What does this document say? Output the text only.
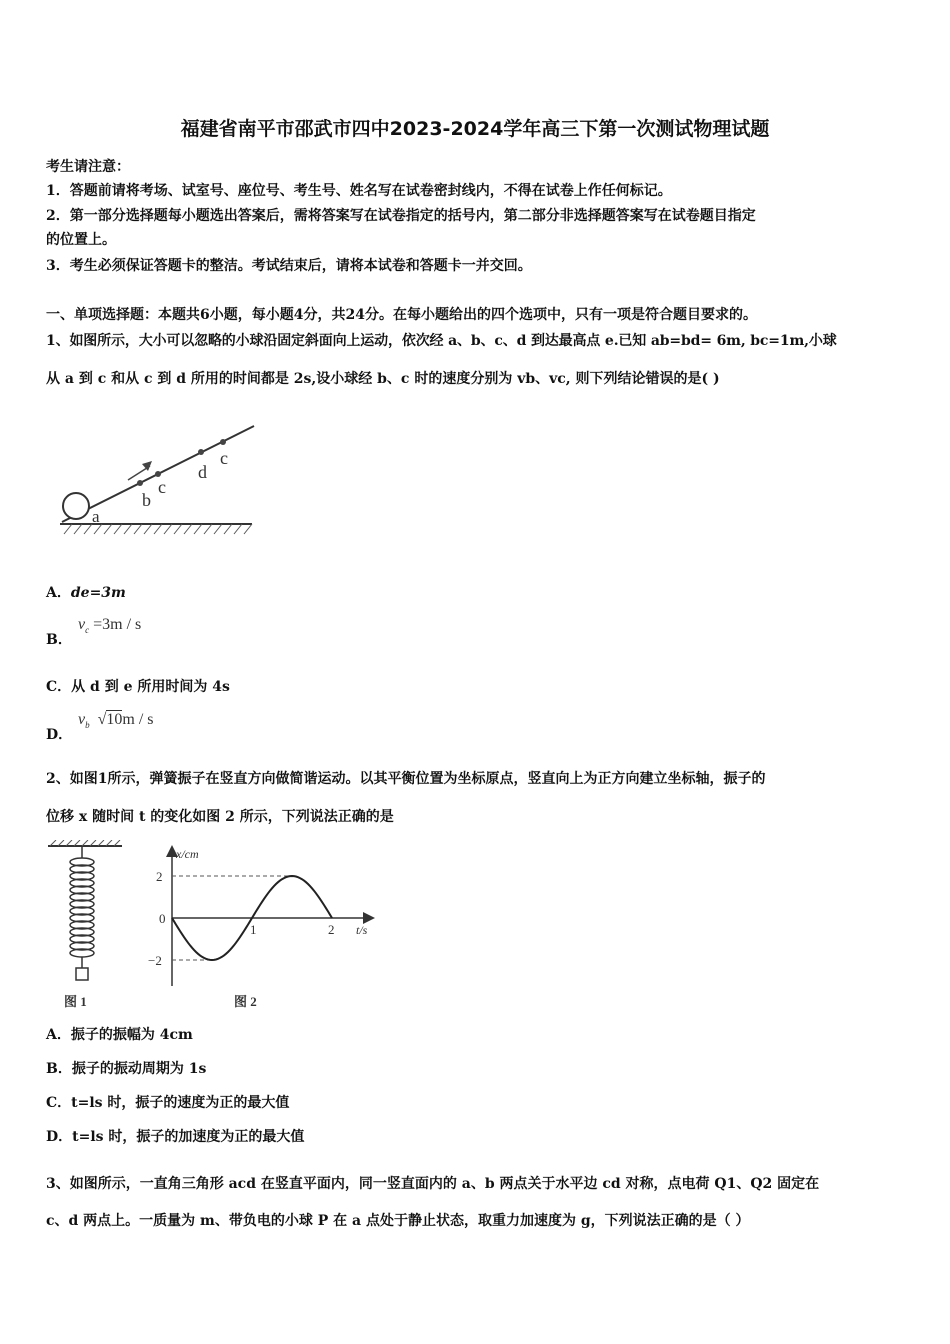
福建省南平市邵武市四中2023-2024学年高三下第一次测试物理试题
考生请注意：
1．答题前请将考场、试室号、座位号、考生号、姓名写在试卷密封线内，不得在试卷上作任何标记。
2．第一部分选择题每小题选出答案后，需将答案写在试卷指定的括号内，第二部分非选择题答案写在试卷题目指定
的位置上。
3．考生必须保证答题卡的整洁。考试结束后，请将本试卷和答题卡一并交回。
一、单项选择题：本题共6小题，每小题4分，共24分。在每小题给出的四个选项中，只有一项是符合题目要求的。
1、如图所示，大小可以忽略的小球沿固定斜面向上运动，依次经 a、b、c、d 到达最高点 e.已知 ab=bd= 6m, bc=1m,小球
从 a 到 c 和从 c 到 d 所用的时间都是 2s,设小球经 b、c 时的速度分别为 vb、vc, 则下列结论错误的是( )
a
b
c
d
c
A．de=3m
B．
$v_c =3m / s$
C．从 d 到 e 所用时间为 4s
D．
$v_b$ √10m / s
2、如图1所示，弹簧振子在竖直方向做简谐运动。以其平衡位置为坐标原点，竖直向上为正方向建立坐标轴，振子的
位移 x 随时间 t 的变化如图 2 所示，下列说法正确的是
图 1
x/cm
t/s
2
0
−2
1	2
图 2
A．振子的振幅为 4cm
B．振子的振动周期为 1s
C．t=ls 时，振子的速度为正的最大值
D．t=ls 时，振子的加速度为正的最大值
3、如图所示，一直角三角形 acd 在竖直平面内，同一竖直面内的 a、b 两点关于水平边 cd 对称，点电荷 Q1、Q2 固定在
c、d 两点上。一质量为 m、带负电的小球 P 在 a 点处于静止状态，取重力加速度为 g，下列说法正确的是（ ）
